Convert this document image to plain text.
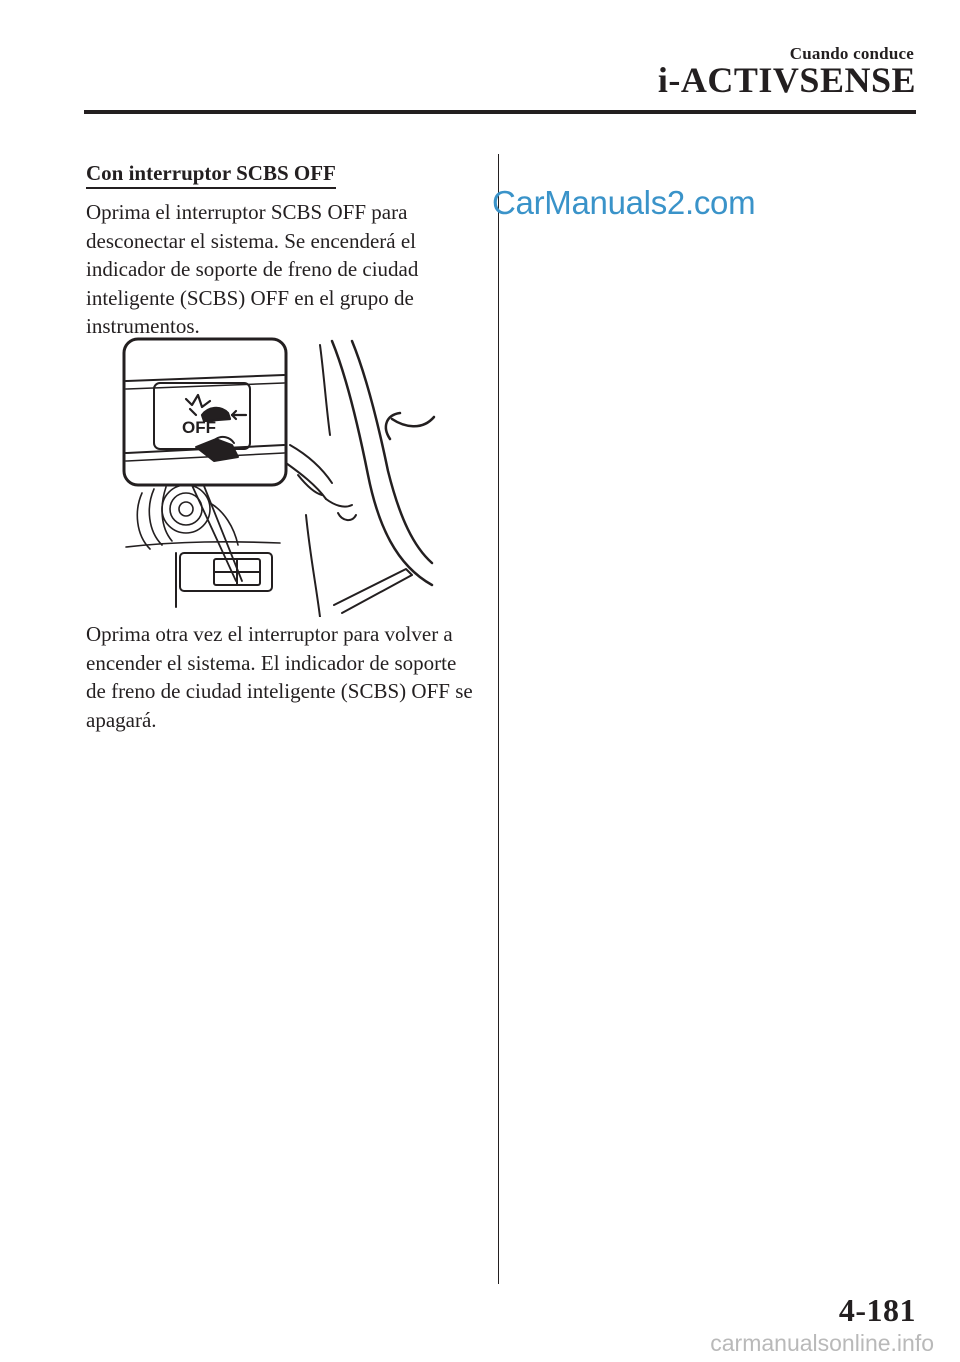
Cuando conduce
i-ACTIVSENSE
CarManuals2.com
Con interruptor SCBS OFF

Oprima el interruptor SCBS OFF para desconectar el sistema. Se encenderá el indicador de soporte de freno de ciudad inteligente (SCBS) OFF en el grupo de instrumentos.

OFF

Oprima otra vez el interruptor para volver a encender el sistema. El indicador de soporte de freno de ciudad inteligente (SCBS) OFF se apagará.

4-181
carmanualsonline.info
